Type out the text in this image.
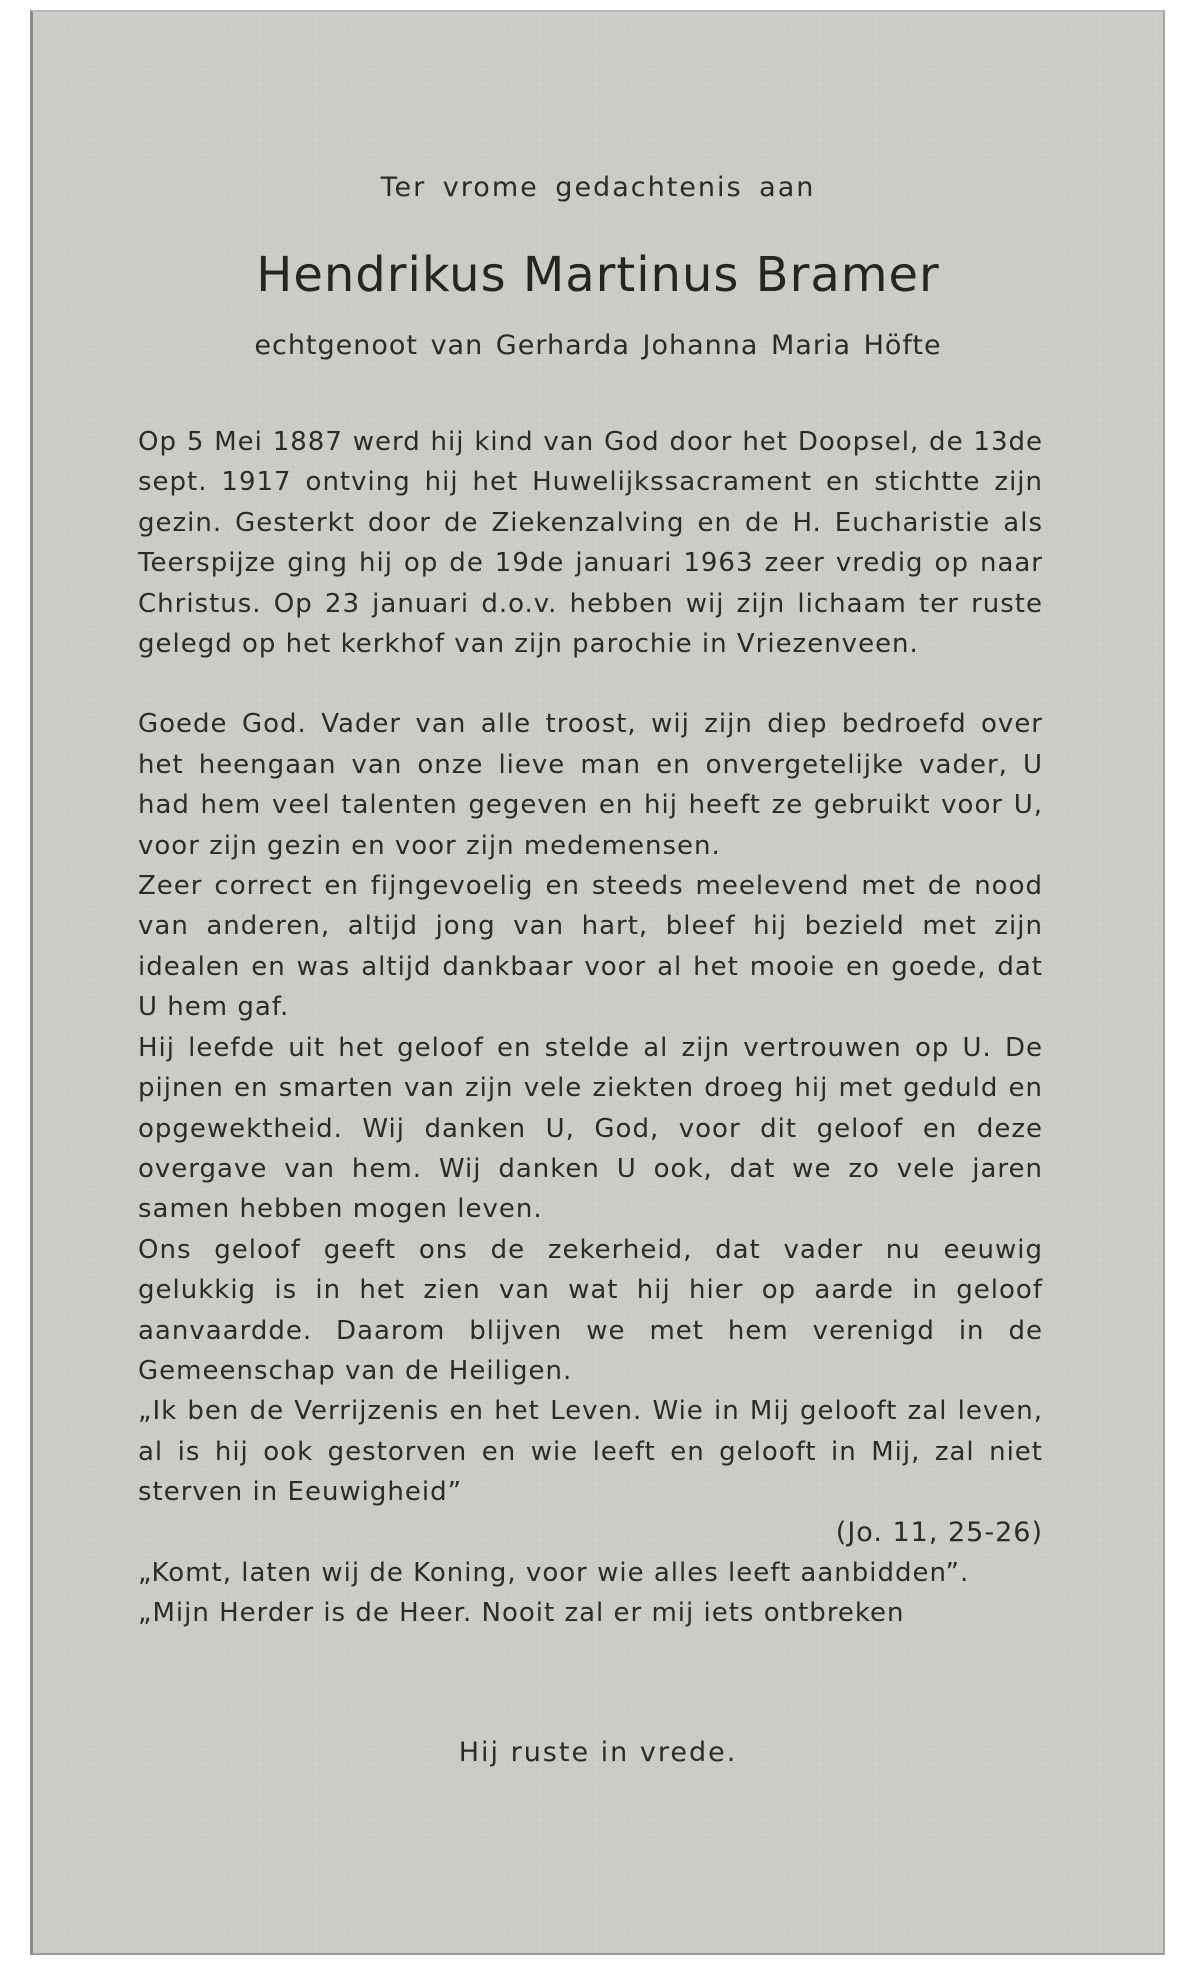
Ter vrome gedachtenis aan
Hendrikus Martinus Bramer
echtgenoot van Gerharda Johanna Maria Höfte

Op 5 Mei 1887 werd hij kind van God door het Doopsel, de 13de sept. 1917 ontving hij het Huwelijkssacrament en stichtte zijn gezin. Gesterkt door de Ziekenzalving en de H. Eucharistie als Teerspijze ging hij op de 19de januari 1963 zeer vredig op naar Christus. Op 23 januari d.o.v. hebben wij zijn lichaam ter ruste gelegd op het kerkhof van zijn parochie in Vriezenveen.

Goede God. Vader van alle troost, wij zijn diep bedroefd over het heengaan van onze lieve man en onvergetelijke vader, U had hem veel talenten gegeven en hij heeft ze gebruikt voor U, voor zijn gezin en voor zijn medemensen.

Zeer correct en fijngevoelig en steeds meelevend met de nood van anderen, altijd jong van hart, bleef hij bezield met zijn idealen en was altijd dankbaar voor al het mooie en goede, dat U hem gaf.

Hij leefde uit het geloof en stelde al zijn vertrouwen op U. De pijnen en smarten van zijn vele ziekten droeg hij met geduld en opgewektheid. Wij danken U, God, voor dit geloof en deze overgave van hem. Wij danken U ook, dat we zo vele jaren samen hebben mogen leven.

Ons geloof geeft ons de zekerheid, dat vader nu eeuwig gelukkig is in het zien van wat hij hier op aarde in geloof aanvaardde. Daarom blijven we met hem verenigd in de Gemeenschap van de Heiligen.

„Ik ben de Verrijzenis en het Leven. Wie in Mij gelooft zal leven, al is hij ook gestorven en wie leeft en gelooft in Mij, zal niet sterven in Eeuwigheid”

(Jo. 11, 25-26)

„Komt, laten wij de Koning, voor wie alles leeft aanbidden”.

„Mijn Herder is de Heer. Nooit zal er mij iets ontbreken

Hij ruste in vrede.
